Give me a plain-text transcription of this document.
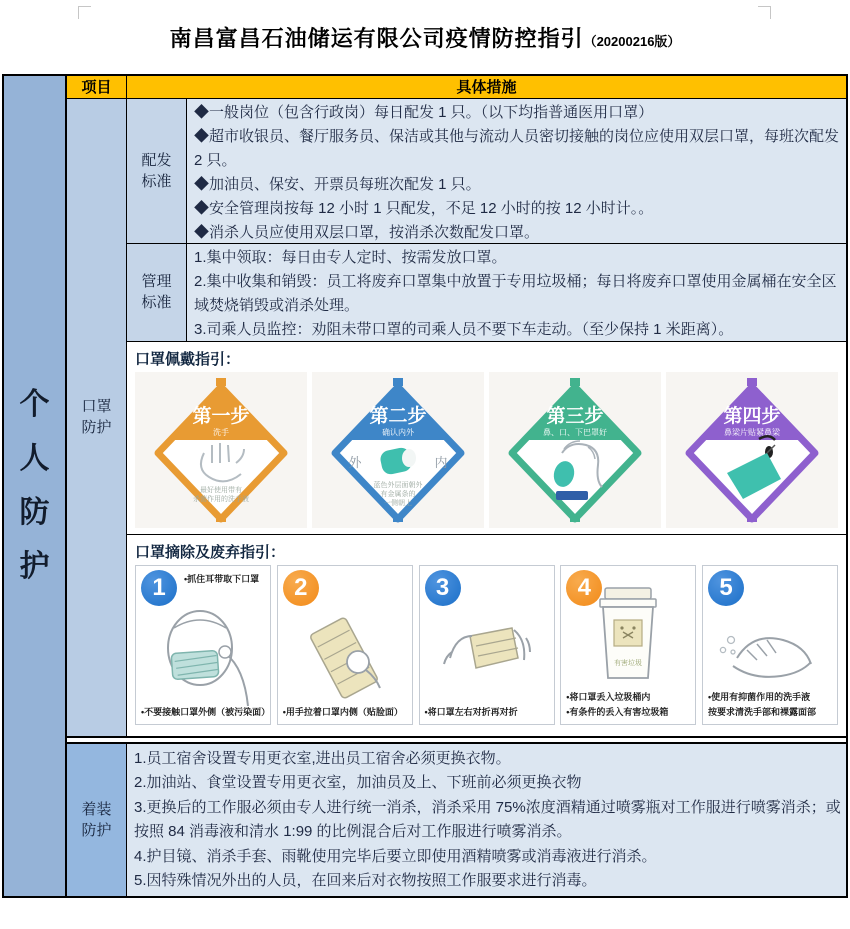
南昌富昌石油储运有限公司疫情防控指引（20200216版）
个人防护
项目	具体措施
口罩防护
配发标准
◆一般岗位（包含行政岗）每日配发 1 只。（以下均指普通医用口罩）
◆超市收银员、餐厅服务员、保洁或其他与流动人员密切接触的岗位应使用双层口罩，每班次配发 2 只。
◆加油员、保安、开票员每班次配发 1 只。
◆安全管理岗按每 12 小时 1 只配发，不足 12 小时的按 12 小时计。。
◆消杀人员应使用双层口罩，按消杀次数配发口罩。
管理标准
1.集中领取：每日由专人定时、按需发放口罩。
2.集中收集和销毁：员工将废弃口罩集中放置于专用垃圾桶；每日将废弃口罩使用金属桶在安全区域焚烧销毁或消杀处理。
3.司乘人员监控：劝阻未带口罩的司乘人员不要下车走动。（至少保持 1 米距离）。
口罩佩戴指引：
第一步
洗手
最好使用带有
杀菌作用的洗手液
第二步
确认内外
外	内
蓝色外层面朝外
有金属条的
一侧朝上
第三步
鼻、口、下巴罩好
第四步
鼻梁片贴紧鼻梁
口罩摘除及废弃指引：
1	•抓住耳带取下口罩
•不要接触口罩外侧（被污染面）
2
•用手拉着口罩内侧（贴脸面）
3
•将口罩左右对折再对折
有害垃圾
4
•将口罩丢入垃圾桶内
•有条件的丢入有害垃圾箱
5
•使用有抑菌作用的洗手液
按要求清洗手部和裸露面部
着装防护
1.员工宿舍设置专用更衣室,进出员工宿舍必须更换衣物。
2.加油站、食堂设置专用更衣室，加油员及上、下班前必须更换衣物
3.更换后的工作服必须由专人进行统一消杀，消杀采用 75%浓度酒精通过喷雾瓶对工作服进行喷雾消杀；或按照 84 消毒液和清水 1:99 的比例混合后对工作服进行喷雾消杀。
4.护目镜、消杀手套、雨靴使用完毕后要立即使用酒精喷雾或消毒液进行消杀。
5.因特殊情况外出的人员，在回来后对衣物按照工作服要求进行消毒。
